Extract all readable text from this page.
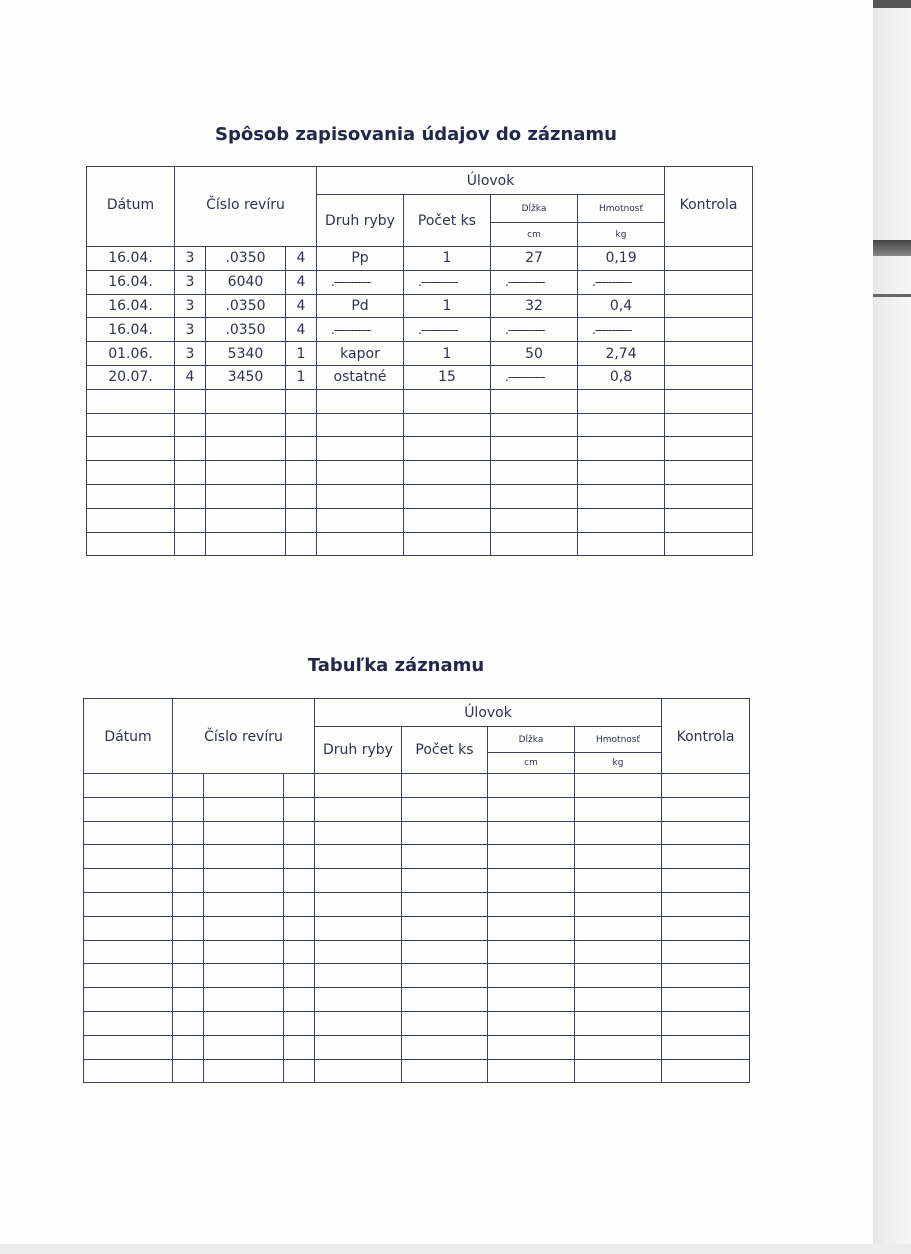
Spôsob zapisovania údajov do záznamu
Dátum	Číslo revíru			Úlovok				Kontrola
				Druh ryby	Počet ks	Dĺžka	Hmotnosť	

						cm	kg	
16.04.	3	.0350	4	Pp	1	27	0,19	
16.04.	3	6040	4	.-----------	.-----------	.-----------	.-----------	
16.04.	3	.0350	4	Pd	1	32	0,4	
16.04.	3	.0350	4	.-----------	.-----------	.-----------	.-----------	
01.06.	3	5340	1	kapor	1	50	2,74	
20.07.	4	3450	1	ostatné	15	.-----------	0,8	

Tabuľka záznamu
Dátum	Číslo revíru			Úlovok				Kontrola
				Druh ryby	Počet ks	Dĺžka	Hmotnosť	

						cm	kg	
